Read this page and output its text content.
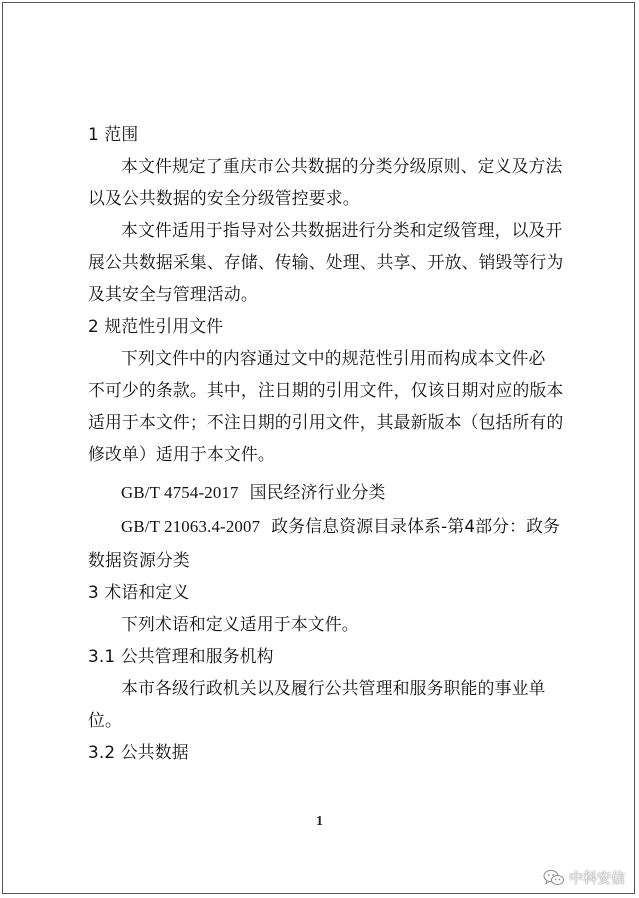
1 范围
本文件规定了重庆市公共数据的分类分级原则、定义及方法
以及公共数据的安全分级管控要求。
本文件适用于指导对公共数据进行分类和定级管理，以及开
展公共数据采集、存储、传输、处理、共享、开放、销毁等行为
及其安全与管理活动。
2 规范性引用文件
下列文件中的内容通过文中的规范性引用而构成本文件必
不可少的条款。其中，注日期的引用文件，仅该日期对应的版本
适用于本文件；不注日期的引用文件，其最新版本（包括所有的
修改单）适用于本文件。
GB/T 4754-2017 国民经济行业分类
GB/T 21063.4-2007 政务信息资源目录体系-第4部分：政务
数据资源分类
3 术语和定义
下列术语和定义适用于本文件。
3.1 公共管理和服务机构
本市各级行政机关以及履行公共管理和服务职能的事业单
位。
3.2 公共数据
1
中科安信
